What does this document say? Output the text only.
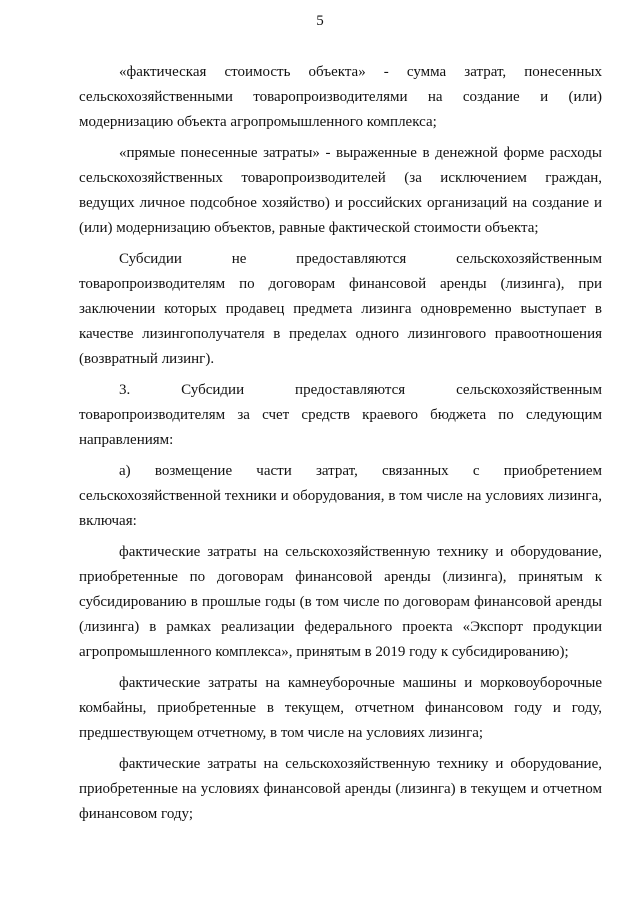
5

«фактическая стоимость объекта» - сумма затрат, понесенных сельскохозяйственными товаропроизводителями на создание и (или) модернизацию объекта агропромышленного комплекса;

«прямые понесенные затраты» - выраженные в денежной форме расходы сельскохозяйственных товаропроизводителей (за исключением граждан, ведущих личное подсобное хозяйство) и российских организаций на создание и (или) модернизацию объектов, равные фактической стоимости объекта;

Субсидии не предоставляются сельскохозяйственным товаропроизводителям по договорам финансовой аренды (лизинга), при заключении которых продавец предмета лизинга одновременно выступает в качестве лизингополучателя в пределах одного лизингового правоотношения (возвратный лизинг).

3. Субсидии предоставляются сельскохозяйственным товаропроизводителям за счет средств краевого бюджета по следующим направлениям:

а) возмещение части затрат, связанных с приобретением сельскохозяйственной техники и оборудования, в том числе на условиях лизинга, включая:

фактические затраты на сельскохозяйственную технику и оборудование, приобретенные по договорам финансовой аренды (лизинга), принятым к субсидированию в прошлые годы (в том числе по договорам финансовой аренды (лизинга) в рамках реализации федерального проекта «Экспорт продукции агропромышленного комплекса», принятым в 2019 году к субсидированию);

фактические затраты на камнеуборочные машины и морковоуборочные комбайны, приобретенные в текущем, отчетном финансовом году и году, предшествующем отчетному, в том числе на условиях лизинга;

фактические затраты на сельскохозяйственную технику и оборудование, приобретенные на условиях финансовой аренды (лизинга) в текущем и отчетном финансовом году;
